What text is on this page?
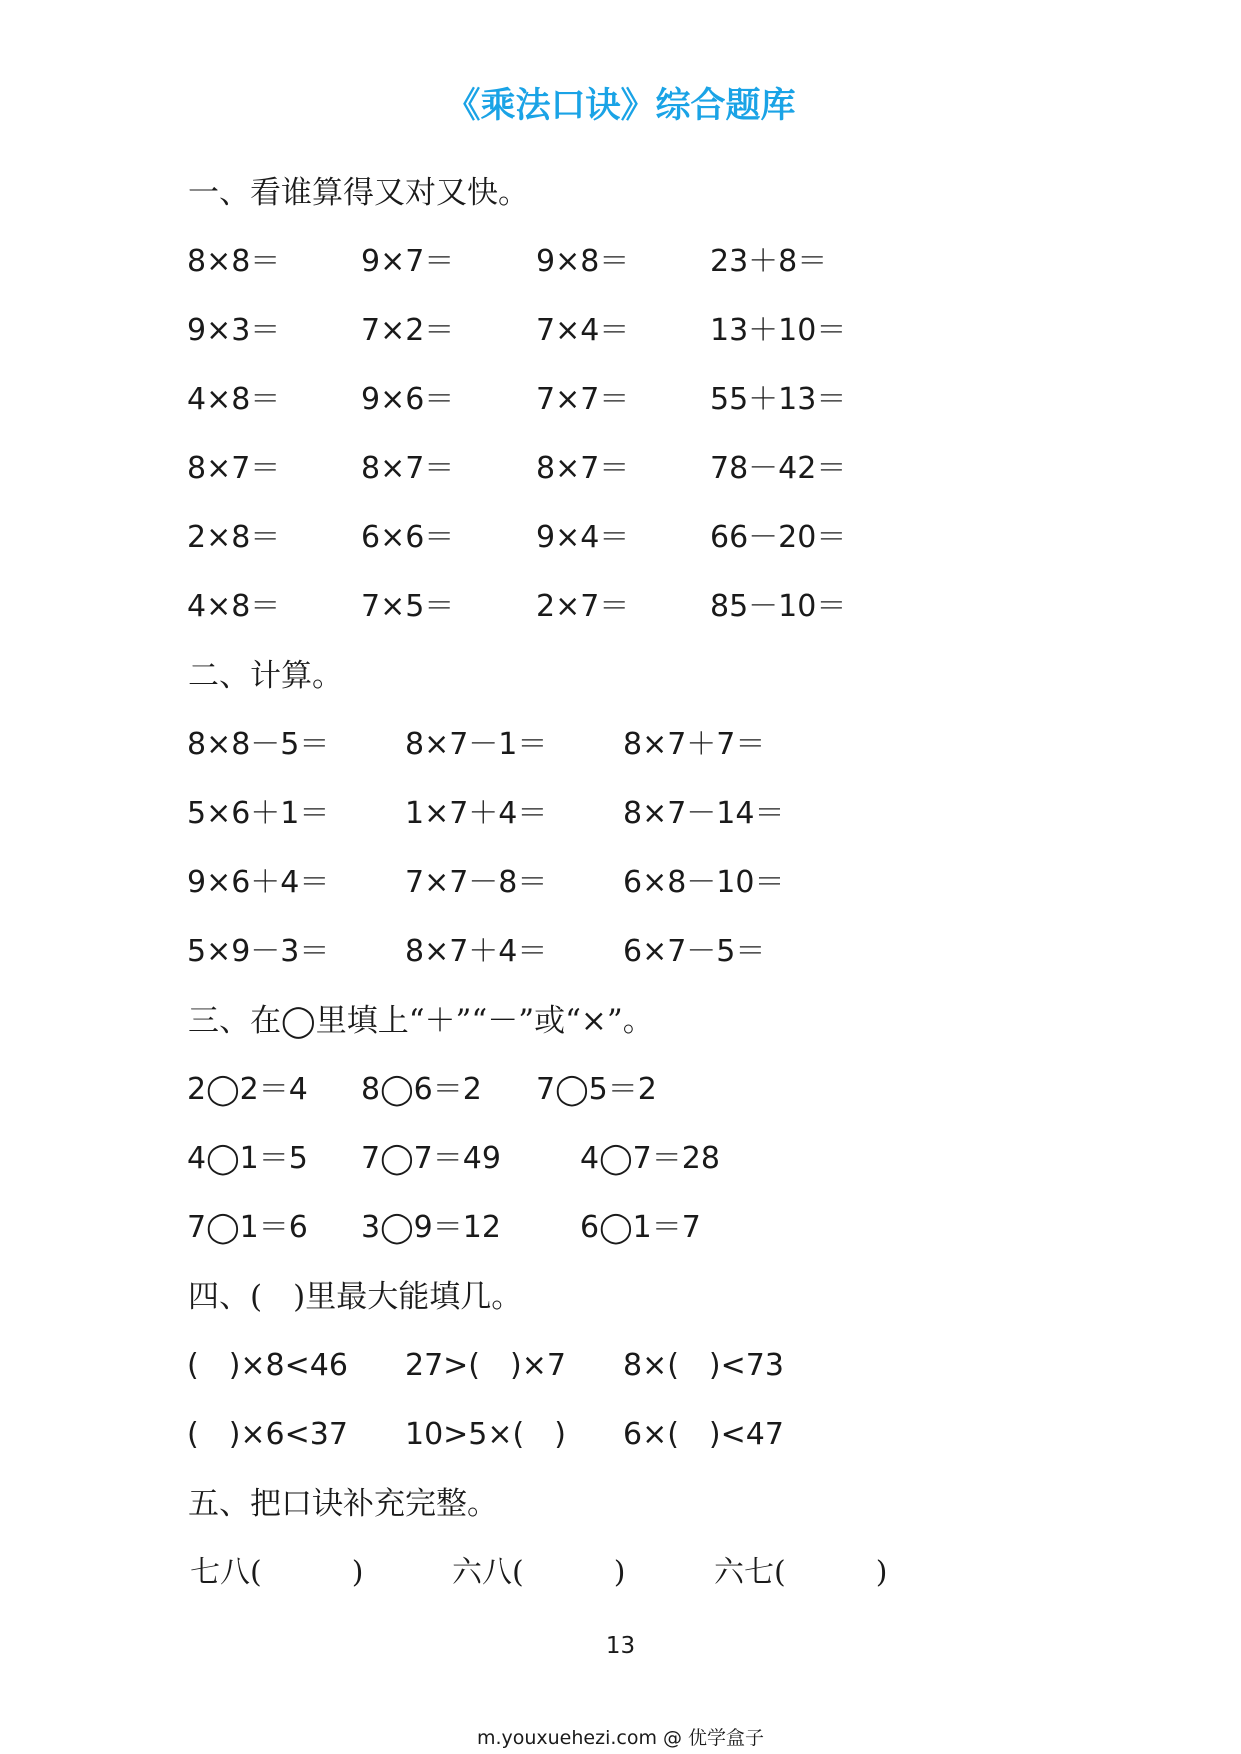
《乘法口诀》综合题库
一、看谁算得又对又快。
8×8＝	9×7＝	9×8＝	23＋8＝
9×3＝	7×2＝	7×4＝	13＋10＝
4×8＝	9×6＝	7×7＝	55＋13＝
8×7＝	8×7＝	8×7＝	78－42＝
2×8＝	6×6＝	9×4＝	66－20＝
4×8＝	7×5＝	2×7＝	85－10＝
二、计算。
8×8－5＝	8×7－1＝	8×7＋7＝
5×6＋1＝	1×7＋4＝	8×7－14＝
9×6＋4＝	7×7－8＝	6×8－10＝
5×9－3＝	8×7＋4＝	6×7－5＝
三、在◯里填上“＋”“－”或“×”。
2◯2＝4 8◯6＝2 7◯5＝2
4◯1＝5 7◯7＝49	4◯7＝28
7◯1＝6 3◯9＝12	6◯1＝7
四、(　)里最大能填几。
(　)×8<46 27>(　)×7 8×(　)<73
(　)×6<37 10>5×(　) 6×(　)<47
五、把口诀补充完整。
七八(　　　)	六八(　　　)	六七(　　　)
13
m.youxuehezi.com @ 优学盒子
